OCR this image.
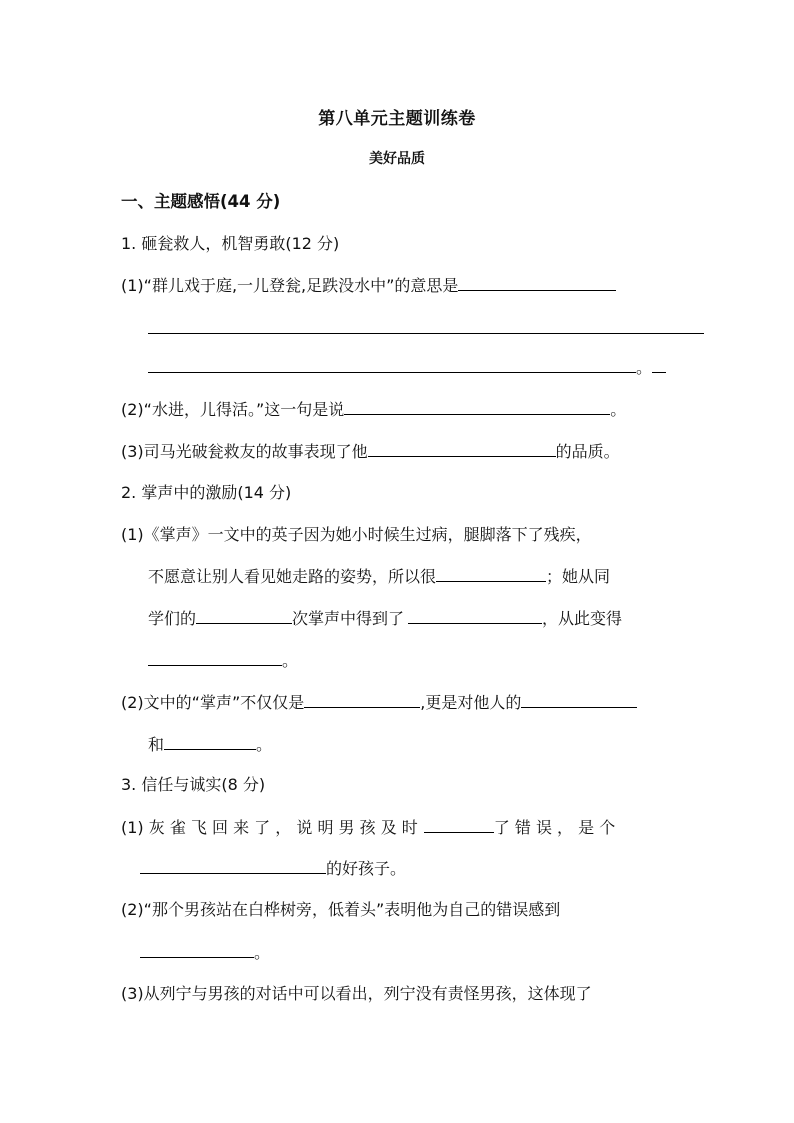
第八单元主题训练卷
美好品质
一、主题感悟(44 分)
1. 砸瓮救人，机智勇敢(12 分)
(1)“群儿戏于庭,一儿登瓮,足跌没水中”的意思是
。
(2)“水进，儿得活。”这一句是说	。
(3)司马光破瓮救友的故事表现了他	的品质。
2. 掌声中的激励(14 分)
(1)《掌声》一文中的英子因为她小时候生过病，腿脚落下了残疾，
不愿意让别人看见她走路的姿势，所以很	；她从同
学们的	次掌声中得到了	，从此变得
。
(2)文中的“掌声”不仅仅是	,更是对他人的
和	。
3. 信任与诚实(8 分)
(1) 灰 雀 飞 回 来 了 ， 说 明 男 孩 及 时	了 错 误 ， 是 个
的好孩子。
(2)“那个男孩站在白桦树旁，低着头”表明他为自己的错误感到
。
(3)从列宁与男孩的对话中可以看出，列宁没有责怪男孩，这体现了
